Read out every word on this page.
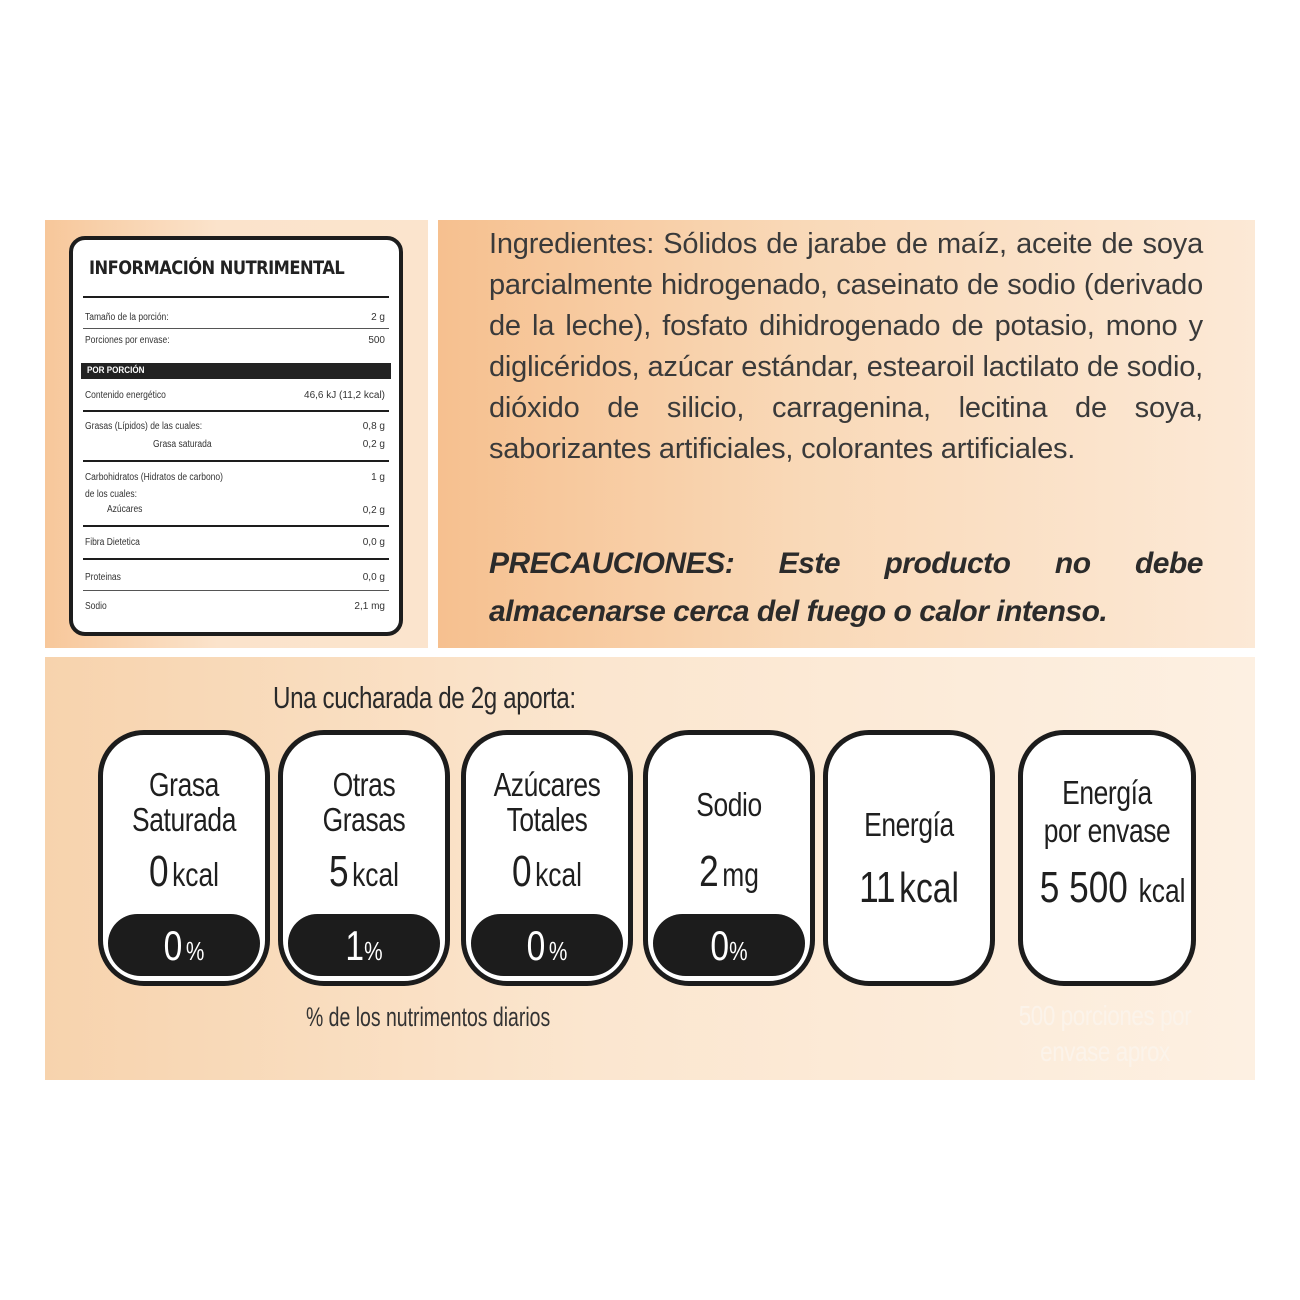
INFORMACIÓN NUTRIMENTAL
Tamaño de la porción:	2 g
Porciones por envase:	500
POR PORCIÓN
Contenido energético	46,6 kJ (11,2 kcal)
Grasas (Lípidos) de las cuales:	0,8 g
Grasa saturada	0,2 g
Carbohidratos (Hidratos de carbono)	1 g
de los cuales:
Azúcares	0,2 g
Fibra Dietetica	0,0 g
Proteinas	0,0 g
Sodio	2,1 mg
Ingredientes: Sólidos de jarabe de maíz, aceite de soya parcialmente hidrogenado, caseinato de sodio (derivado de la leche), fosfato dihidrogenado de potasio, mono y diglicéridos, azúcar estándar, estearoil lactilato de sodio, dióxido de silicio, carragenina, lecitina de soya, saborizantes artificiales, colorantes artificiales.
PRECAUCIONES: Este producto no debe almacenarse cerca del fuego o calor intenso.
Una cucharada de 2g aporta:
Grasa
Saturada
0 kcal
0 %
Otras
Grasas
5 kcal
1%
Azúcares
Totales
0 kcal
0 %
Sodio
2 mg
0%
Energía
11 kcal
Energía
por envase
5 500 kcal
% de los nutrimentos diarios	500 porciones por envase aprox
